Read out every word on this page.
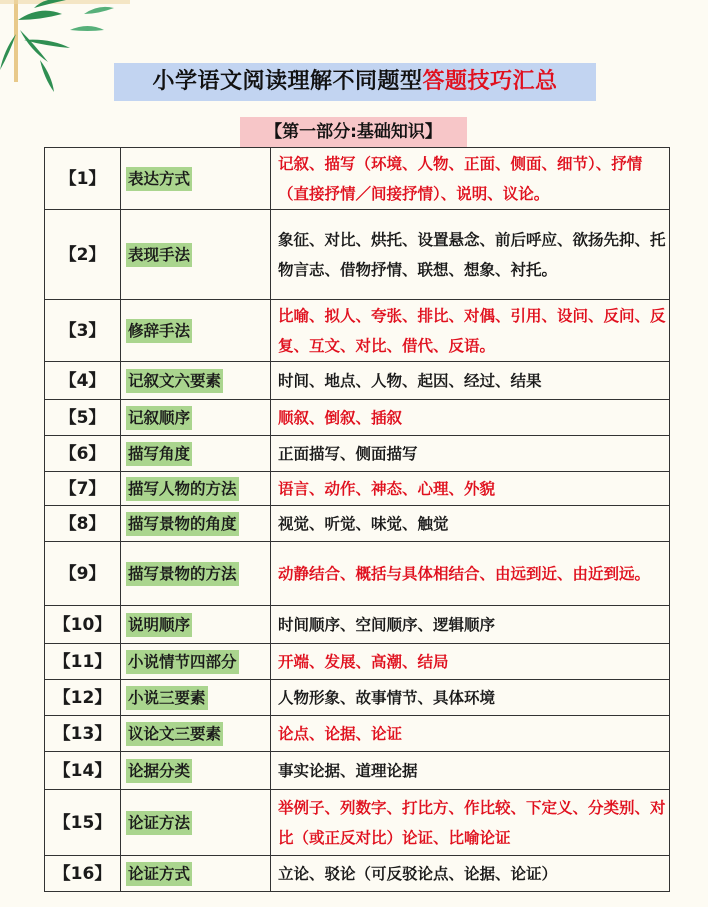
小学语文阅读理解不同题型答题技巧汇总
【第一部分:基础知识】
【1】	表达方式	记叙、描写（环境、人物、正面、侧面、细节）、抒情（直接抒情／间接抒情）、说明、议论。
【2】	表现手法	象征、对比、烘托、设置悬念、前后呼应、欲扬先抑、托物言志、借物抒情、联想、想象、衬托。
【3】	修辞手法	比喻、拟人、夸张、排比、对偶、引用、设问、反问、反复、互文、对比、借代、反语。
【4】	记叙文六要素	时间、地点、人物、起因、经过、结果
【5】	记叙顺序	顺叙、倒叙、插叙
【6】	描写角度	正面描写、侧面描写
【7】	描写人物的方法	语言、动作、神态、心理、外貌
【8】	描写景物的角度	视觉、听觉、味觉、触觉
【9】	描写景物的方法	动静结合、概括与具体相结合、由远到近、由近到远。
【10】	说明顺序	时间顺序、空间顺序、逻辑顺序
【11】	小说情节四部分	开端、发展、高潮、结局
【12】	小说三要素	人物形象、故事情节、具体环境
【13】	议论文三要素	论点、论据、论证
【14】	论据分类	事实论据、道理论据
【15】	论证方法	举例子、列数字、打比方、作比较、下定义、分类别、对比（或正反对比）论证、比喻论证
【16】	论证方式	立论、驳论（可反驳论点、论据、论证）
